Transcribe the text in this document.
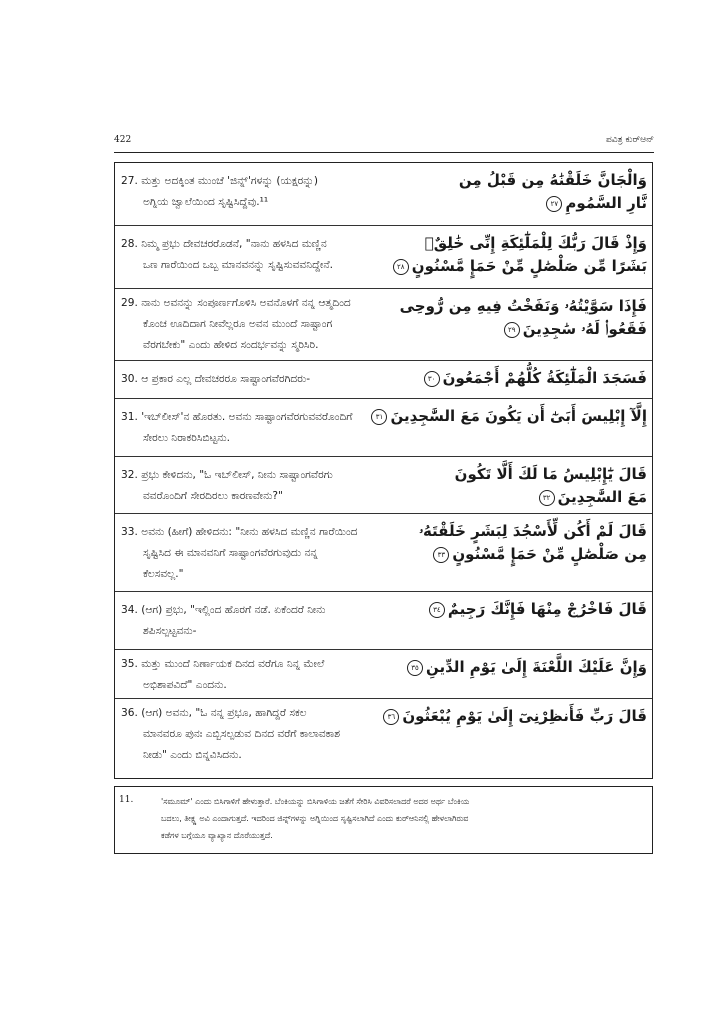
422	ಪವಿತ್ರ ಕುರ್‌ಆನ್
27. ಮತ್ತು ಅದಕ್ಕಿಂತ ಮುಂಚೆ 'ಜಿನ್ನ್'ಗಳನ್ನು (ಯಕ್ಷರನ್ನು)
ಅಗ್ನಿಯ ಜ್ವಾಲೆಯಿಂದ ಸೃಷ್ಟಿಸಿದ್ದೆವು.¹¹
وَالْجَانَّ خَلَقْنَٰهُ مِن قَبْلُ مِن
نَّارِ السَّمُومِ٢٧
28. ನಿಮ್ಮ ಪ್ರಭು ದೇವಚರರೊಡನೆ, "ನಾನು ಹಳಸಿದ ಮಣ್ಣಿನ
ಒಣ ಗಾರೆಯಿಂದ ಒಬ್ಬ ಮಾನವನನ್ನು ಸೃಷ್ಟಿಸುವವನಿದ್ದೇನೆ.
وَإِذْ قَالَ رَبُّكَ لِلْمَلَٰٓئِكَةِ إِنِّى خَٰلِقٌۢ
بَشَرًا مِّن صَلْصَٰلٍ مِّنْ حَمَإٍ مَّسْنُونٍ٢٨
29. ನಾನು ಅವನನ್ನು ಸಂಪೂರ್ಣಗೊಳಿಸಿ ಅವನೊಳಗೆ ನನ್ನ ಆತ್ಮದಿಂದ
ಕೊಂಚ ಊದಿದಾಗ ನೀವೆಲ್ಲರೂ ಅವನ ಮುಂದೆ ಸಾಷ್ಟಾಂಗ
ವೆರಗಬೇಕು" ಎಂದು ಹೇಳಿದ ಸಂದರ್ಭವನ್ನು ಸ್ಮರಿಸಿರಿ.
فَإِذَا سَوَّيْتُهُۥ وَنَفَخْتُ فِيهِ مِن رُّوحِى
فَقَعُوا۟ لَهُۥ سَٰجِدِينَ٢٩
30. ಆ ಪ್ರಕಾರ ಎಲ್ಲ ದೇವಚರರೂ ಸಾಷ್ಟಾಂಗವೆರಗಿದರು-	فَسَجَدَ الْمَلَٰٓئِكَةُ كُلُّهُمْ أَجْمَعُونَ٣٠
31. 'ಇಬ್‌ಲೀಸ್'ನ ಹೊರತು. ಅವನು ಸಾಷ್ಟಾಂಗವೆರಗುವವರೊಂದಿಗೆ
ಸೇರಲು ನಿರಾಕರಿಸಿಬಿಟ್ಟನು.
إِلَّآ إِبْلِيسَ أَبَىٰٓ أَن يَكُونَ مَعَ السَّٰجِدِينَ٣١
32. ಪ್ರಭು ಕೇಳಿದನು, "ಓ ಇಬ್‌ಲೀಸ್, ನೀನು ಸಾಷ್ಟಾಂಗವೆರಗು
ವವರೊಂದಿಗೆ ಸೇರದಿರಲು ಕಾರಣವೇನು?"
قَالَ يَٰٓإِبْلِيسُ مَا لَكَ أَلَّا تَكُونَ
مَعَ السَّٰجِدِينَ٣٢
33. ಅವನು (ಹೀಗೆ) ಹೇಳಿದನು: "ನೀನು ಹಳಸಿದ ಮಣ್ಣಿನ ಗಾರೆಯಿಂದ
ಸೃಷ್ಟಿಸಿದ ಈ ಮಾನವನಿಗೆ ಸಾಷ್ಟಾಂಗವೆರಗುವುದು ನನ್ನ
ಕೆಲಸವಲ್ಲ."
قَالَ لَمْ أَكُن لِّأَسْجُدَ لِبَشَرٍ خَلَقْتَهُۥ
مِن صَلْصَٰلٍ مِّنْ حَمَإٍ مَّسْنُونٍ٣٣
34. (ಆಗ) ಪ್ರಭು, "ಇಲ್ಲಿಂದ ಹೊರಗೆ ನಡೆ. ಏಕೆಂದರೆ ನೀನು
ಶಪಿಸಲ್ಪಟ್ಟವನು-
قَالَ فَاخْرُجْ مِنْهَا فَإِنَّكَ رَجِيمٌ٣٤
35. ಮತ್ತು ಮುಂದೆ ನಿರ್ಣಾಯಕ ದಿನದ ವರೆಗೂ ನಿನ್ನ ಮೇಲೆ
ಅಭಿಶಾಪವಿದೆ" ಎಂದನು.
وَإِنَّ عَلَيْكَ اللَّعْنَةَ إِلَىٰ يَوْمِ الدِّينِ٣٥
36. (ಆಗ) ಅವನು, "ಓ ನನ್ನ ಪ್ರಭೂ, ಹಾಗಿದ್ದರೆ ಸಕಲ
ಮಾನವರೂ ಪುನಃ ಎಬ್ಬಿಸಲ್ಪಡುವ ದಿನದ ವರೆಗೆ ಕಾಲಾವಕಾಶ
ನೀಡು" ಎಂದು ಬಿನ್ನವಿಸಿದನು.
قَالَ رَبِّ فَأَنظِرْنِىٓ إِلَىٰ يَوْمِ يُبْعَثُونَ٣٦
11.	'ಸಮೂಮ್' ಎಂದು ಬಿಸಿಗಾಳಿಗೆ ಹೇಳುತ್ತಾರೆ. ಬೆಂಕಿಯನ್ನು ಬಿಸಿಗಾಳಿಯ ಜತೆಗೆ ಸೇರಿಸಿ ವಿವರಿಸಲಾದರೆ ಅದರ ಅರ್ಥ ಬೆಂಕಿಯ
ಬದಲು, ತೀಕ್ಷ್ಣ ಅವಿ ಎಂದಾಗುತ್ತದೆ. ಇದರಿಂದ ಜಿನ್ನ್‌ಗಳನ್ನು ಅಗ್ನಿಯಿಂದ ಸೃಷ್ಟಿಸಲಾಗಿದೆ ಎಂದು ಕುರ್‌ಆನಿನಲ್ಲಿ ಹೇಳಲಾಗಿರುವ
ಕಡೆಗಳ ಬಗ್ಗೆಯೂ ವ್ಯಾಖ್ಯಾನ ದೊರೆಯುತ್ತದೆ.
